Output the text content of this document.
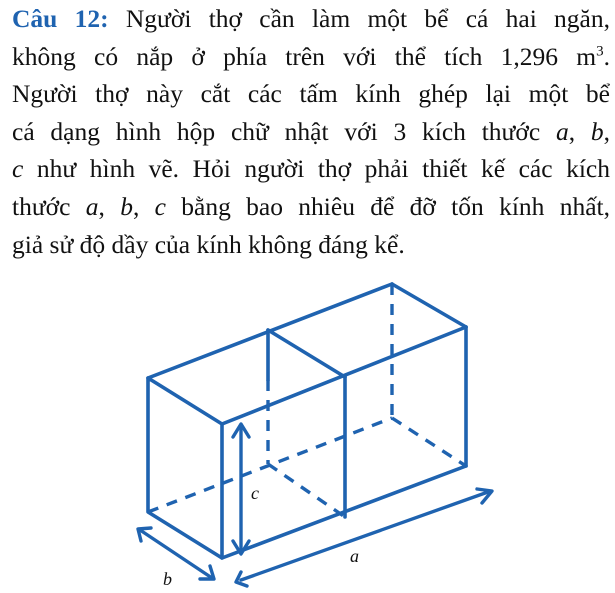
Câu 12: Người thợ cần làm một bể cá hai ngăn,
không có nắp ở phía trên với thể tích 1,296 $m^3$.
Người thợ này cắt các tấm kính ghép lại một bể
cá dạng hình hộp chữ nhật với 3 kích thước a, b,
c như hình vẽ. Hỏi người thợ phải thiết kế các kích
thước a, b, c bằng bao nhiêu để đỡ tốn kính nhất,
giả sử độ dầy của kính không đáng kể.
c
a
b
